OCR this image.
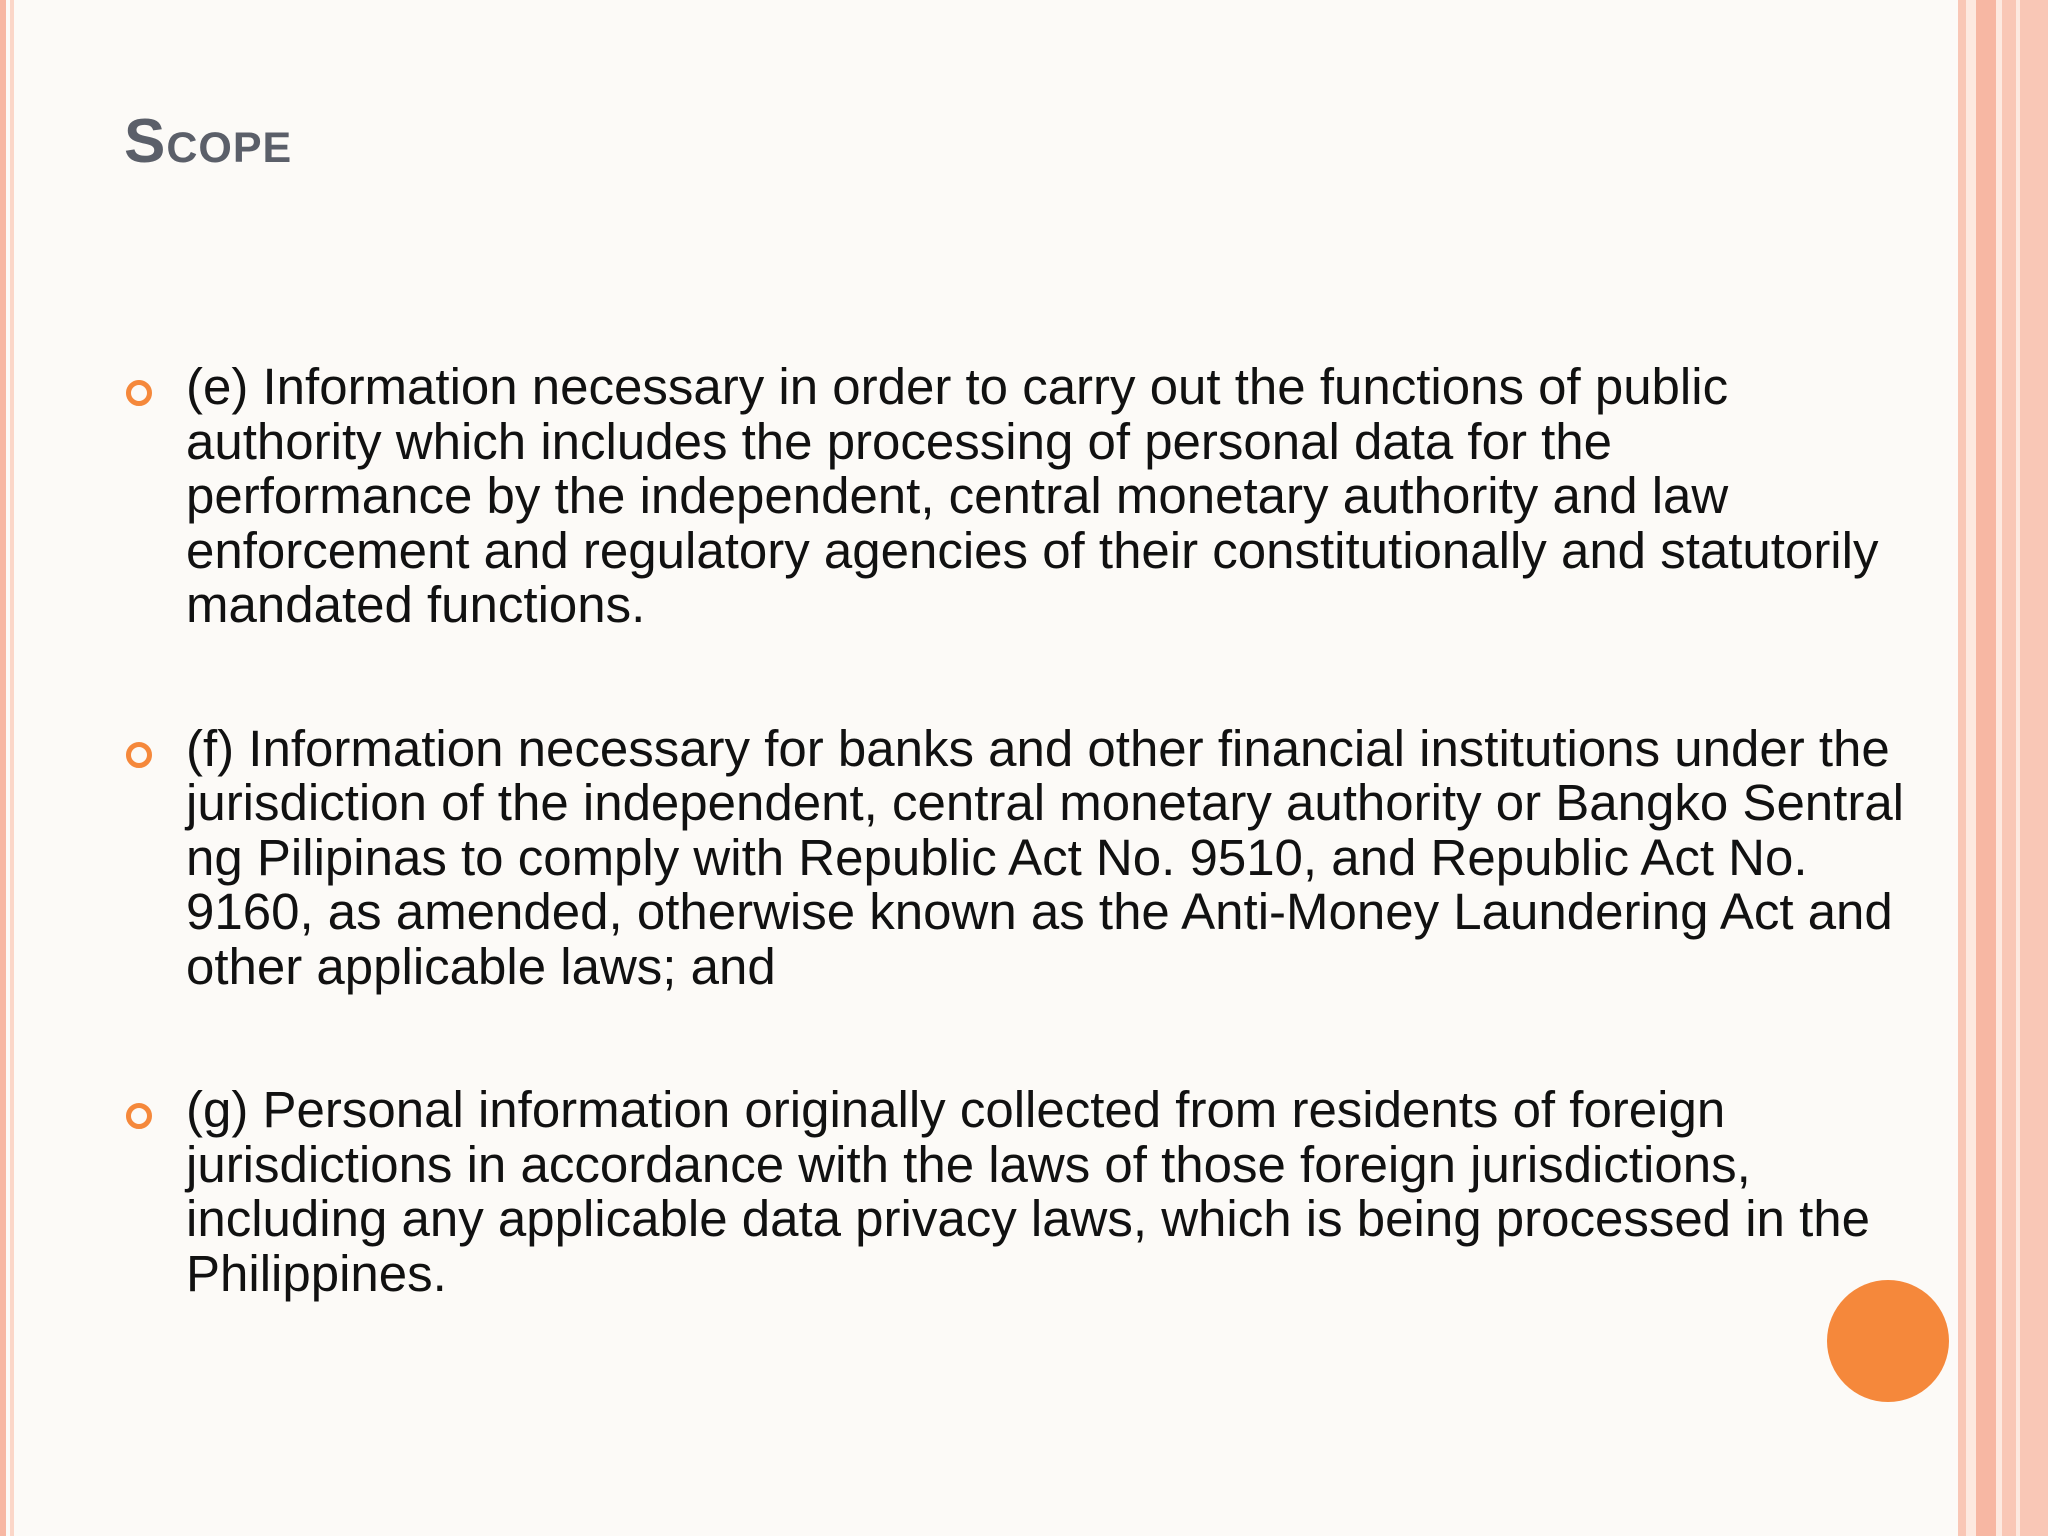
Scope
(e) Information necessary in order to carry out the functions of public authority which includes the processing of personal data for the performance by the independent, central monetary authority and law enforcement and regulatory agencies of their constitutionally and statutorily mandated functions.
(f) Information necessary for banks and other financial institutions under the jurisdiction of the independent, central monetary authority or Bangko Sentral ng Pilipinas to comply with Republic Act No. 9510, and Republic Act No. 9160, as amended, otherwise known as the Anti-Money Laundering Act and other applicable laws; and
(g) Personal information originally collected from residents of foreign jurisdictions in accordance with the laws of those foreign jurisdictions, including any applicable data privacy laws, which is being processed in the Philippines.
